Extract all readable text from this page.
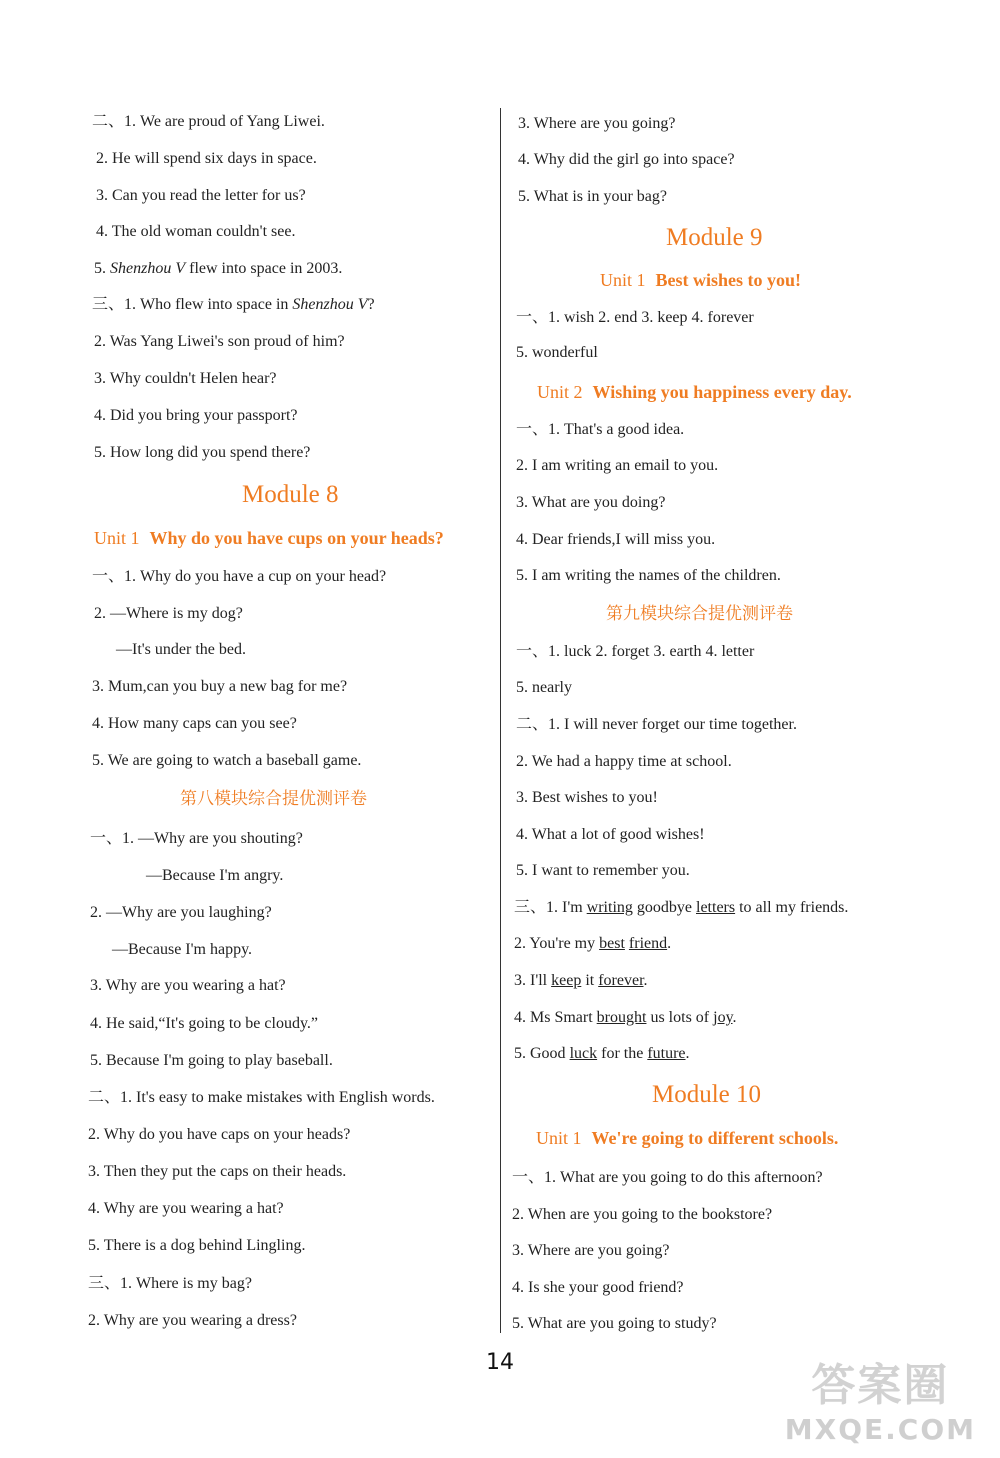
二、1. We are proud of Yang Liwei.
2. He will spend six days in space.
3. Can you read the letter for us?
4. The old woman couldn't see.
5. Shenzhou V flew into space in 2003.
三、1. Who flew into space in Shenzhou V?
2. Was Yang Liwei's son proud of him?
3. Why couldn't Helen hear?
4. Did you bring your passport?
5. How long did you spend there?
Module 8
Unit 1 Why do you have cups on your heads?
一、1. Why do you have a cup on your head?
2. —Where is my dog?
—It's under the bed.
3. Mum,can you buy a new bag for me?
4. How many caps can you see?
5. We are going to watch a baseball game.
第八模块综合提优测评卷
一、1. —Why are you shouting?
—Because I'm angry.
2. —Why are you laughing?
—Because I'm happy.
3. Why are you wearing a hat?
4. He said,“It's going to be cloudy.”
5. Because I'm going to play baseball.
二、1. It's easy to make mistakes with English words.
2. Why do you have caps on your heads?
3. Then they put the caps on their heads.
4. Why are you wearing a hat?
5. There is a dog behind Lingling.
三、1. Where is my bag?
2. Why are you wearing a dress?
3. Where are you going?
4. Why did the girl go into space?
5. What is in your bag?
Module 9
Unit 1 Best wishes to you!
一、1. wish 2. end 3. keep 4. forever
5. wonderful
Unit 2 Wishing you happiness every day.
一、1. That's a good idea.
2. I am writing an email to you.
3. What are you doing?
4. Dear friends,I will miss you.
5. I am writing the names of the children.
第九模块综合提优测评卷
一、1. luck 2. forget 3. earth 4. letter
5. nearly
二、1. I will never forget our time together.
2. We had a happy time at school.
3. Best wishes to you!
4. What a lot of good wishes!
5. I want to remember you.
三、1. I'm writing goodbye letters to all my friends.
2. You're my best friend.
3. I'll keep it forever.
4. Ms Smart brought us lots of joy.
5. Good luck for the future.
Module 10
Unit 1 We're going to different schools.
一、1. What are you going to do this afternoon?
2. When are you going to the bookstore?
3. Where are you going?
4. Is she your good friend?
5. What are you going to study?
14	答案圈
MXQE.COM
